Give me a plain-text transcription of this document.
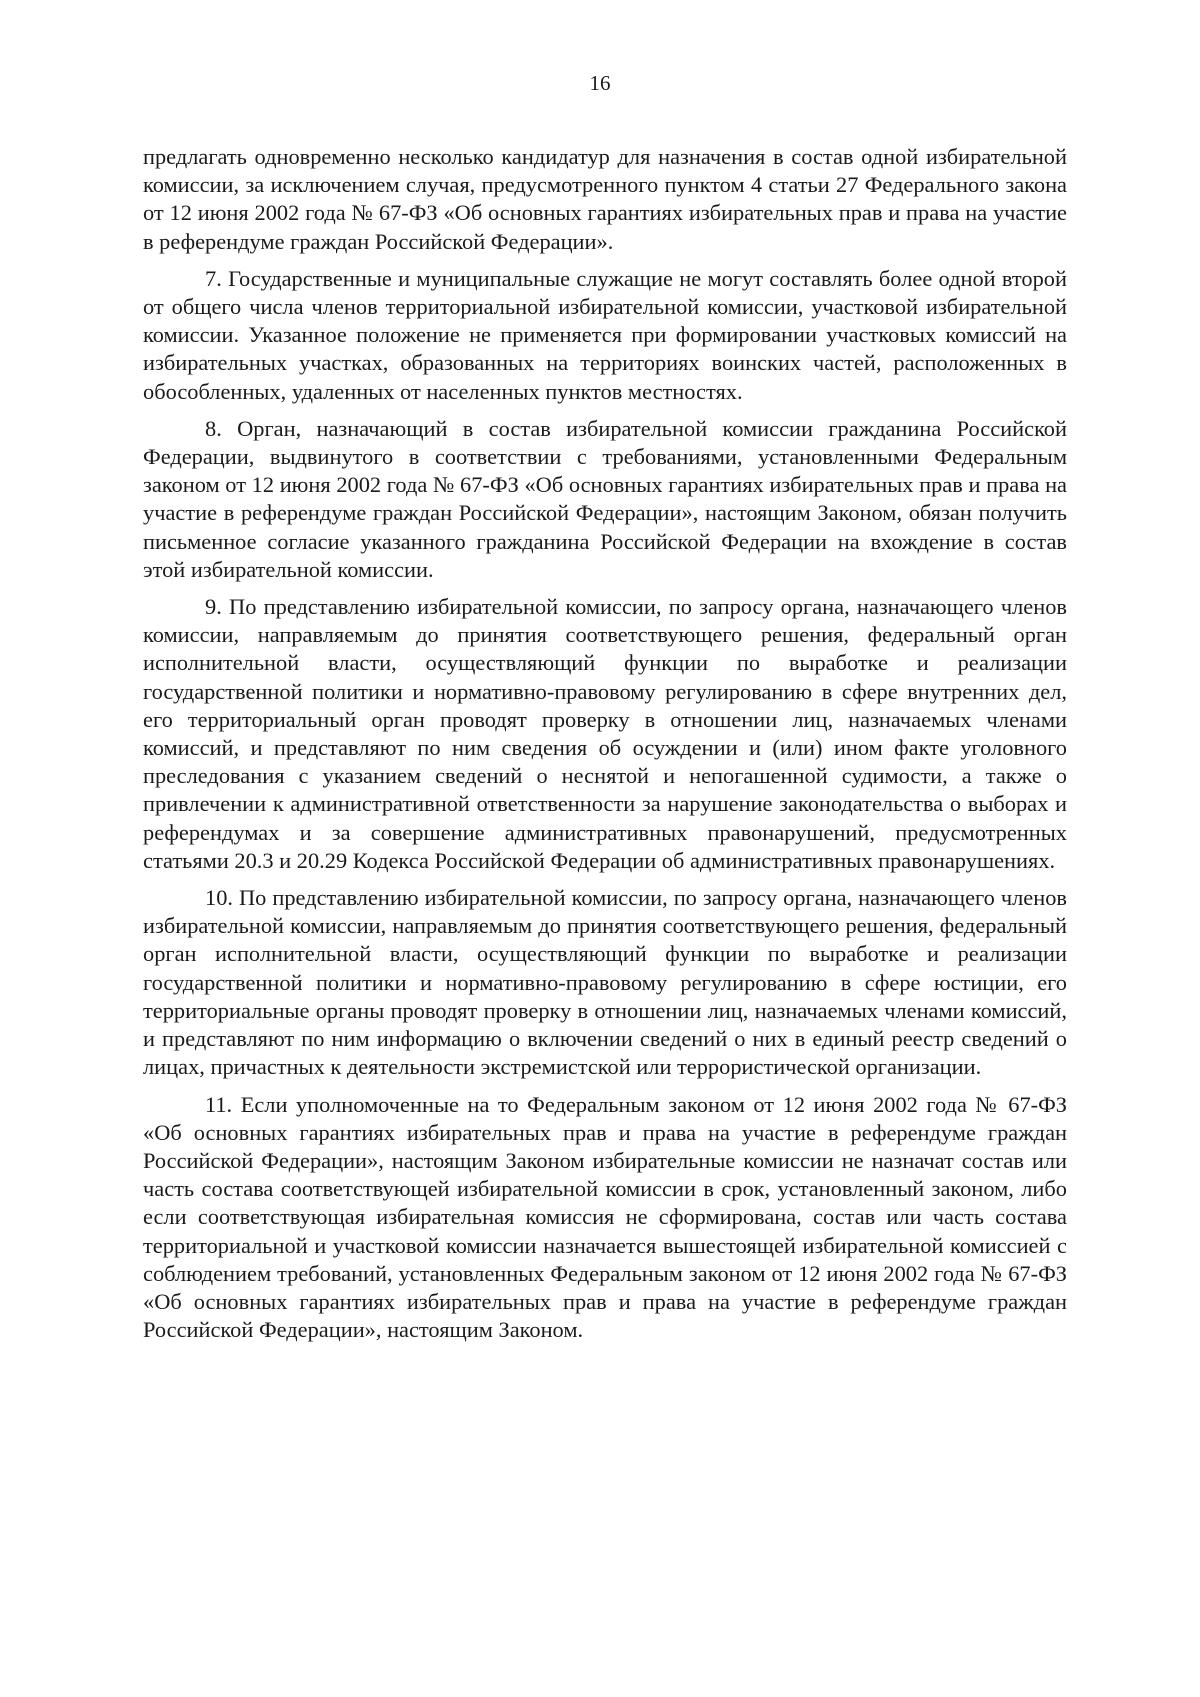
16

предлагать одновременно несколько кандидатур для назначения в состав одной избирательной комиссии, за исключением случая, предусмотренного пунктом 4 статьи 27 Федерального закона от 12 июня 2002 года № 67-ФЗ «Об основных гарантиях избирательных прав и права на участие в референдуме граждан Российской Федерации».

7. Государственные и муниципальные служащие не могут составлять более одной второй от общего числа членов территориальной избирательной комиссии, участковой избирательной комиссии. Указанное положение не применяется при формировании участковых комиссий на избирательных участках, образованных на территориях воинских частей, расположенных в обособленных, удаленных от населенных пунктов местностях.

8. Орган, назначающий в состав избирательной комиссии гражданина Российской Федерации, выдвинутого в соответствии с требованиями, установленными Федеральным законом от 12 июня 2002 года № 67-ФЗ «Об основных гарантиях избирательных прав и права на участие в референдуме граждан Российской Федерации», настоящим Законом, обязан получить письменное согласие указанного гражданина Российской Федерации на вхождение в состав этой избирательной комиссии.

9. По представлению избирательной комиссии, по запросу органа, назначающего членов комиссии, направляемым до принятия соответствующего решения, федеральный орган исполнительной власти, осуществляющий функции по выработке и реализации государственной политики и нормативно-правовому регулированию в сфере внутренних дел, его территориальный орган проводят проверку в отношении лиц, назначаемых членами комиссий, и представляют по ним сведения об осуждении и (или) ином факте уголовного преследования с указанием сведений о неснятой и непогашенной судимости, а также о привлечении к административной ответственности за нарушение законодательства о выборах и референдумах и за совершение административных правонарушений, предусмотренных статьями 20.3 и 20.29 Кодекса Российской Федерации об административных правонарушениях.

10. По представлению избирательной комиссии, по запросу органа, назначающего членов избирательной комиссии, направляемым до принятия соответствующего решения, федеральный орган исполнительной власти, осуществляющий функции по выработке и реализации государственной политики и нормативно-правовому регулированию в сфере юстиции, его территориальные органы проводят проверку в отношении лиц, назначаемых членами комиссий, и представляют по ним информацию о включении сведений о них в единый реестр сведений о лицах, причастных к деятельности экстремистской или террористической организации.

11. Если уполномоченные на то Федеральным законом от 12 июня 2002 года № 67-ФЗ «Об основных гарантиях избирательных прав и права на участие в референдуме граждан Российской Федерации», настоящим Законом избирательные комиссии не назначат состав или часть состава соответствующей избирательной комиссии в срок, установленный законом, либо если соответствующая избирательная комиссия не сформирована, состав или часть состава территориальной и участковой комиссии назначается вышестоящей избирательной комиссией с соблюдением требований, установленных Федеральным законом от 12 июня 2002 года № 67-ФЗ «Об основных гарантиях избирательных прав и права на участие в референдуме граждан Российской Федерации», настоящим Законом.
